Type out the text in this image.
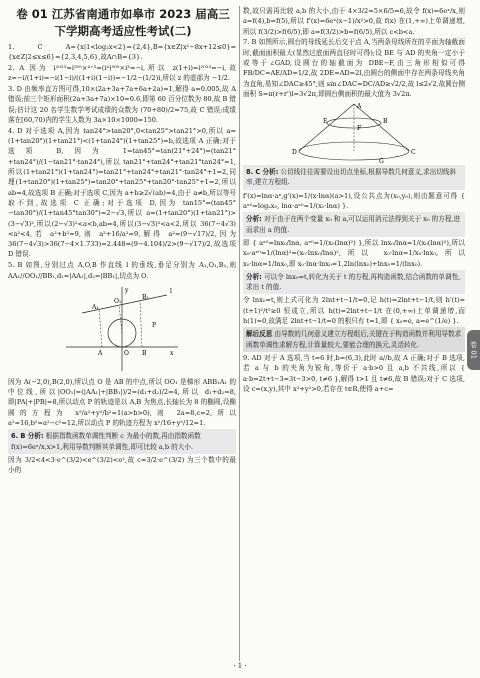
卷 01 江苏省南通市如皋市 2023 届高三
下学期高考适应性考试(二)

1. C A={x|1<log₂x<2}={2,4},B={x∈Z|x²−8x+12≤0}={x∈Z|2≤x≤6}={2,3,4,5,6},故A∩B={3}.

2. A 因为 i²⁰²³=i⁵⁰⁵×⁴⁺³=(i⁴)⁵⁰⁵×i³=−i,所以 z(1+i)=i²⁰²³=−i,故 z=−i/(1+i)=−i(1−i)/((1+i)(1−i))=−1/2−(1/2)i,所以 z 的虚部为 −1/2.

3. D 由频率直方图可得,10×(2a+3a+7a+6a+2a)=1,解得 a=0.005,故 A 错误;前三个矩形面积(2a+3a+7a)×10=0.6,即第 60 百分位数为 80,故 B 错误;估计这 20 名学生数学考试成绩的众数为 (70+80)/2=75,故 C 错误;成绩落在[60,70)内的学生人数为 3a×10×1000=150.

4. D 对于选项 A,因为 tan24°>tan20°,0<tan25°>tan21°>0,所以 a=(1+tan20°)(1+tan21°)<(1+tan24°)(1+tan25°)=b,故选项 A 正确;对于选项 B,因为 1=tan45°=tan(21°+24°)=(tan21°+tan24°)/(1−tan21°·tan24°),所以 tan21°+tan24°+tan21°tan24°=1,所以(1+tan21°)(1+tan24°)=tan21°+tan24°+tan21°·tan24°+1=2,同理(1+tan20°)(1+tan25°)=tan20°+tan25°+tan20°·tan25°+1=2,所以 ab=4,故选项 B 正确;对于选项 C,因为 a+b≥2√(ab)=4,由于 a≠b,所以等号取不到,故选项 C 正确;对于选项 D,因为 tan15°=(tan45°−tan30°)/(1+tan45°tan30°)=2−√3,所以 a=(1+tan20°)(1+tan21°)>(3−√3)²,所以(2−√3)²<a<b,ab=4,所以(3−√3)²<a<2,所以 36(7−4√3)<a²<4,若 a²+b²=9,则 a²+16/a²=9,解得 a²=(9−√17)/2,因为 36(7−4√3)>36(7−4×1.733)=2.448=(9−4.104)/2>(9−√17)/2,故选项 D 错误.

5. B 如图,分别过点 A,O,B 作直线 l 的垂线,垂足分别为 A₁,O₁,B₁,则 AA₁//OO₁//BB₁,d₁=|AA₁|,d₂=|BB₁|,切点为 O.

A	O B	x
y
A₁
O₁
B₁
l
P

因为 A(−2,0),B(2,0),所以点 O 是 AB 的中点,所以 OO₁ 是梯形 ABB₁A₁ 的中位线,所以|OO₁|=(|AA₁|+|BB₁|)/2=(d₁+d₂)/2=4,所以 d₁+d₂=8,即|PA|+|PB|=8,所以动点 P 的轨迹是以 A,B 为焦点,长轴长为 8 的椭圆,设椭圆的方程为 x²/a²+y²/b²=1(a>b>0),则 2a=8,c=2,所以 a²=16,b²=a²−c²=12,所以动点 P 的轨迹方程为 x²/16+y²/12=1.

6. B 分析: 根据指数函数单调性判断 c 为最小的数,再由指数函数 f(x)=6eˣ/x,x>1,利用导数判断其单调性,即可比较 a,b 的大小.

因为 3/2<4<3·e^(3/2)<e^(3/2)<e²,故 c=3/2·e^(3/2) 为三个数中的最小的

数,故只需再比较 a,b 的大小,由于 4×3/2=5×6/5=6,故令 f(x)=6eˣ/x,则 a=f(4),b=f(5),所以 f'(x)=6eˣ(x−1)/x²>0,故 f(x) 在(1,+∞)上单调递增,所以 f(3/2)>f(6/5),即 a=f(3/2)>b=f(6/5),所以 c<b<a.

7. B 如图所示,圆台的母线延长后交于点 A,当两条母线所在的平面为轴截面时,截面面积最大(显然过底面两直径时可得);设 BE 与 AD 的夹角一定小于或等于∠GAD,设圆台的轴截面为 DBE−F,由三角形相似可得 FB/DC=AE/AD=1/2,故 2DE=AD=2l,由圆台的侧面中存在两条母线夹角为直角,易知∠DAC≥45°,则 sin∠DAC=DC/AD≥√2/2,故 l≤2√2,故圆台侧面积 S=π(r+r')l=3√2π,即圆台侧面积的最大值为 3√2π.

A
E	B
F
D	C
G
8. C 分析: 公切线往往需要设出切点坐标,根据导数几何意义,求出切线斜率,建立方程组.

f'(x)=lnα·aˣ,g'(x)=1/(x·lnα)(a>1),设公共点为(x₀,y₀),则由题意可得 { aˣ⁰=logₐx₀, lnα·aˣ⁰=1/(x₀·lnα) }.

分析: 对于由于在两个变量 x₀ 和 a,可以运用消元法得到关于 x₀ 的方程,进而求出 a 的值.

即 { aˣ⁰=lnx₀/lnα, aˣ⁰=1/(x₀(lnα)²) },所以 lnx₀/lnα=1/(x₀(lnα)²),所以 x₀·aˣ⁰=1/(lnα)²=(x₀·lnx₀/lnα)²,所以 x₀·lnα=1/x₀·lnx₀,所以 x₀·lnα=1/lnx₀,即 x₀·lnα·lnx₀=1,2ln(lnx₀)+lnx₀=1/(lnx₀).

分析: 可以令 lnx₀=t,转化为关于 t 的方程,再构造函数,结合函数的单调性,求出 t 的值.

令 lnx₀=t,则上式可化为 2lnt+t−1/t=0,记 h(t)=2lnt+t−1/t,则 h'(t)=(t+1)²/t²≥0 恒成立,所以 h(t)=2lnt+t−1/t 在(0,+∞)上单调递增,而 h(1)=0,故满足 2lnt+t−1/t=0 的根只有 t=1,即 { x₀=e, a=e^(1/e) }.

解后反思 由导数的几何意义建立方程组后,关键在于构造函数并利用导数求函数单调性求解方程,计算量较大,要能合理的换元,灵活转化.

9. AD 对于 A 选项,当 t=6 时,b=(6,3),此时 a//b,故 A 正确;对于 B 选项,若 a 与 b 的夹角为锐角,等价于 a·b>0 且 a,b 不共线,所以 { a·b=2t+t−3=3t−3>0, t≠6 },解得 t>1 且 t≠6,故 B 错误;对于 C 选项,设 c=(x,y),其中 x²+y²>0,若存在 t∈R,使得 a+c=

卷 01
· 1 ·
